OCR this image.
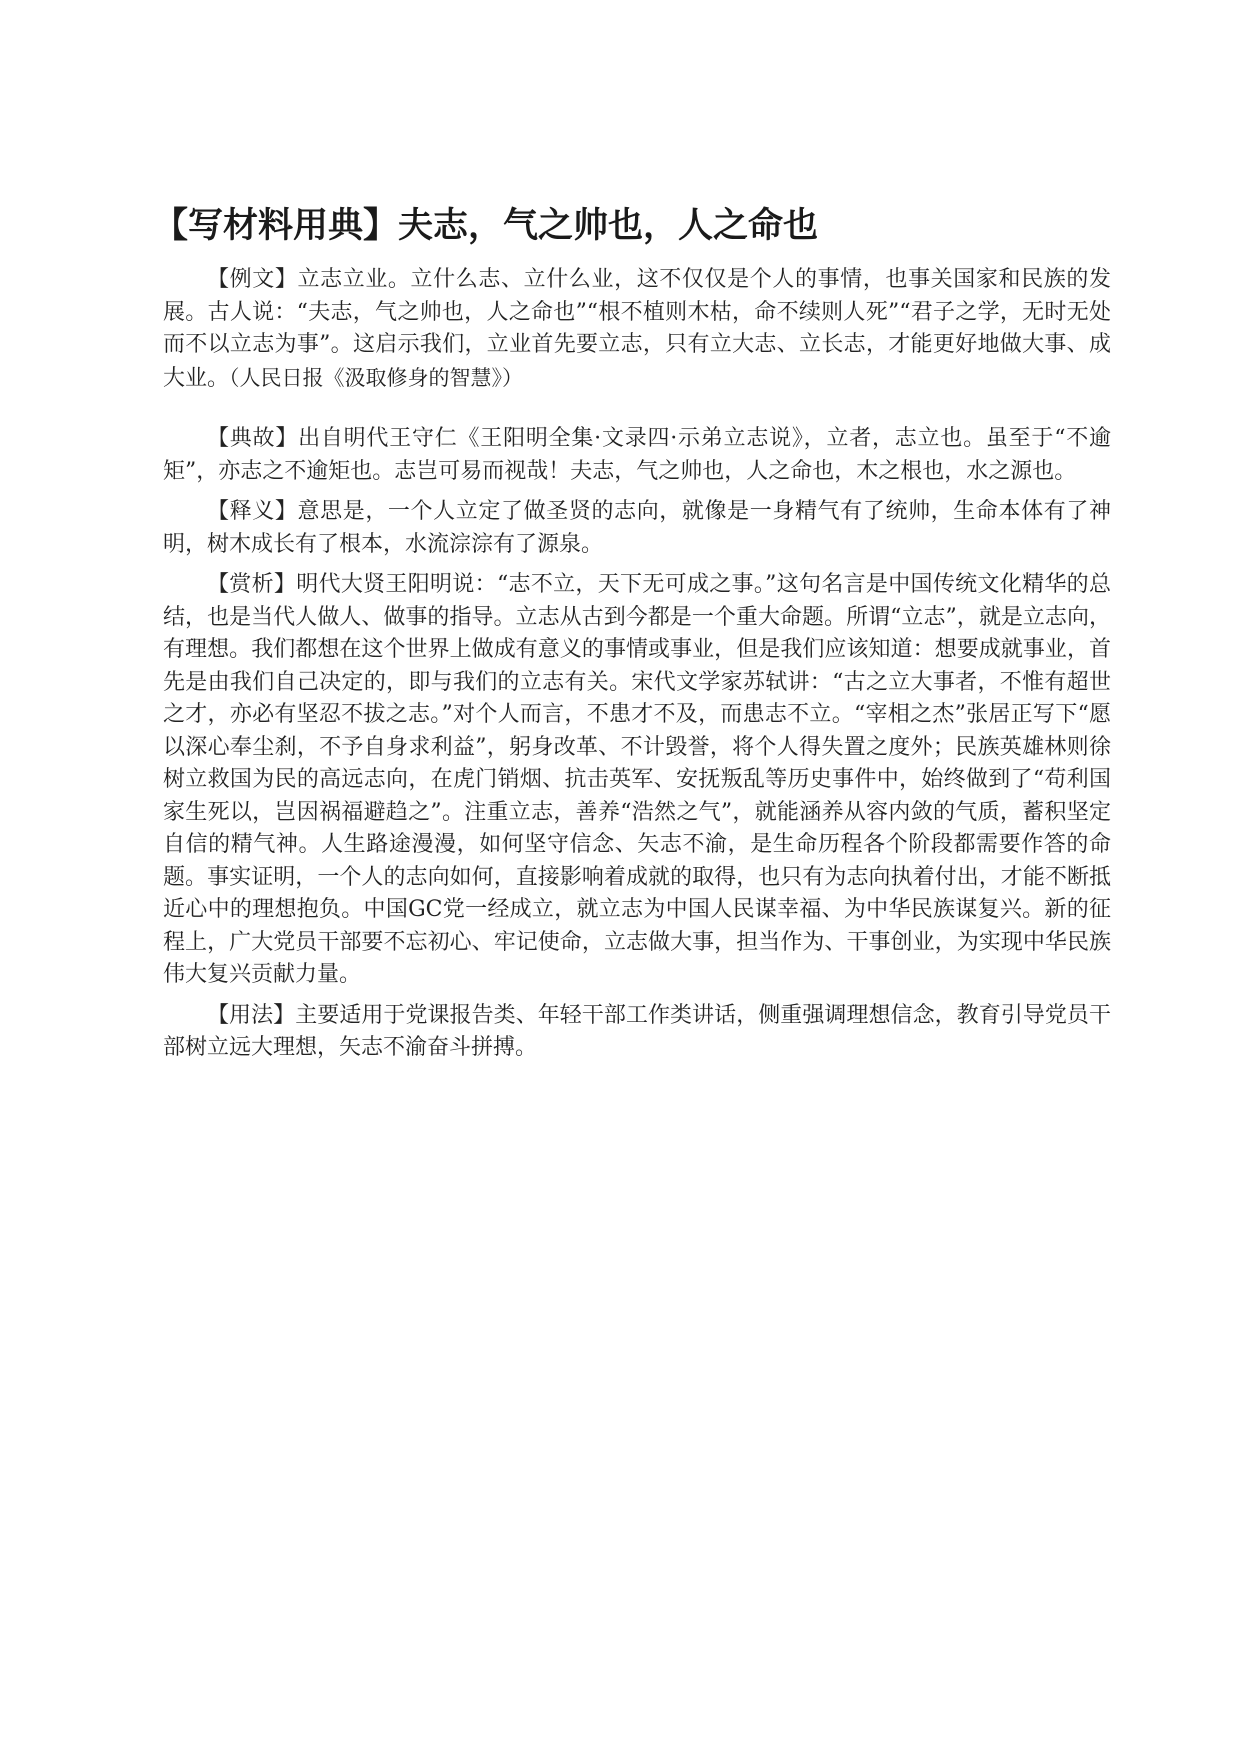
【写材料用典】夫志，气之帅也，人之命也

【例文】立志立业。立什么志、立什么业，这不仅仅是个人的事情，也事关国家和民族的发展。古人说：“夫志，气之帅也，人之命也”“根不植则木枯，命不续则人死”“君子之学，无时无处而不以立志为事”。这启示我们，立业首先要立志，只有立大志、立长志，才能更好地做大事、成大业。（人民日报《汲取修身的智慧》）

【典故】出自明代王守仁《王阳明全集·文录四·示弟立志说》，立者，志立也。虽至于“不逾矩”，亦志之不逾矩也。志岂可易而视哉！夫志，气之帅也，人之命也，木之根也，水之源也。

【释义】意思是，一个人立定了做圣贤的志向，就像是一身精气有了统帅，生命本体有了神明，树木成长有了根本，水流淙淙有了源泉。

【赏析】明代大贤王阳明说：“志不立，天下无可成之事。”这句名言是中国传统文化精华的总结，也是当代人做人、做事的指导。立志从古到今都是一个重大命题。所谓“立志”，就是立志向，有理想。我们都想在这个世界上做成有意义的事情或事业，但是我们应该知道：想要成就事业，首先是由我们自己决定的，即与我们的立志有关。宋代文学家苏轼讲：“古之立大事者，不惟有超世之才，亦必有坚忍不拔之志。”对个人而言，不患才不及，而患志不立。“宰相之杰”张居正写下“愿以深心奉尘刹，不予自身求利益”，躬身改革、不计毁誉，将个人得失置之度外；民族英雄林则徐树立救国为民的高远志向，在虎门销烟、抗击英军、安抚叛乱等历史事件中，始终做到了“苟利国家生死以，岂因祸福避趋之”。注重立志，善养“浩然之气”，就能涵养从容内敛的气质，蓄积坚定自信的精气神。人生路途漫漫，如何坚守信念、矢志不渝，是生命历程各个阶段都需要作答的命题。事实证明，一个人的志向如何，直接影响着成就的取得，也只有为志向执着付出，才能不断抵近心中的理想抱负。中国GC党一经成立，就立志为中国人民谋幸福、为中华民族谋复兴。新的征程上，广大党员干部要不忘初心、牢记使命，立志做大事，担当作为、干事创业，为实现中华民族伟大复兴贡献力量。

【用法】主要适用于党课报告类、年轻干部工作类讲话，侧重强调理想信念，教育引导党员干部树立远大理想，矢志不渝奋斗拼搏。
